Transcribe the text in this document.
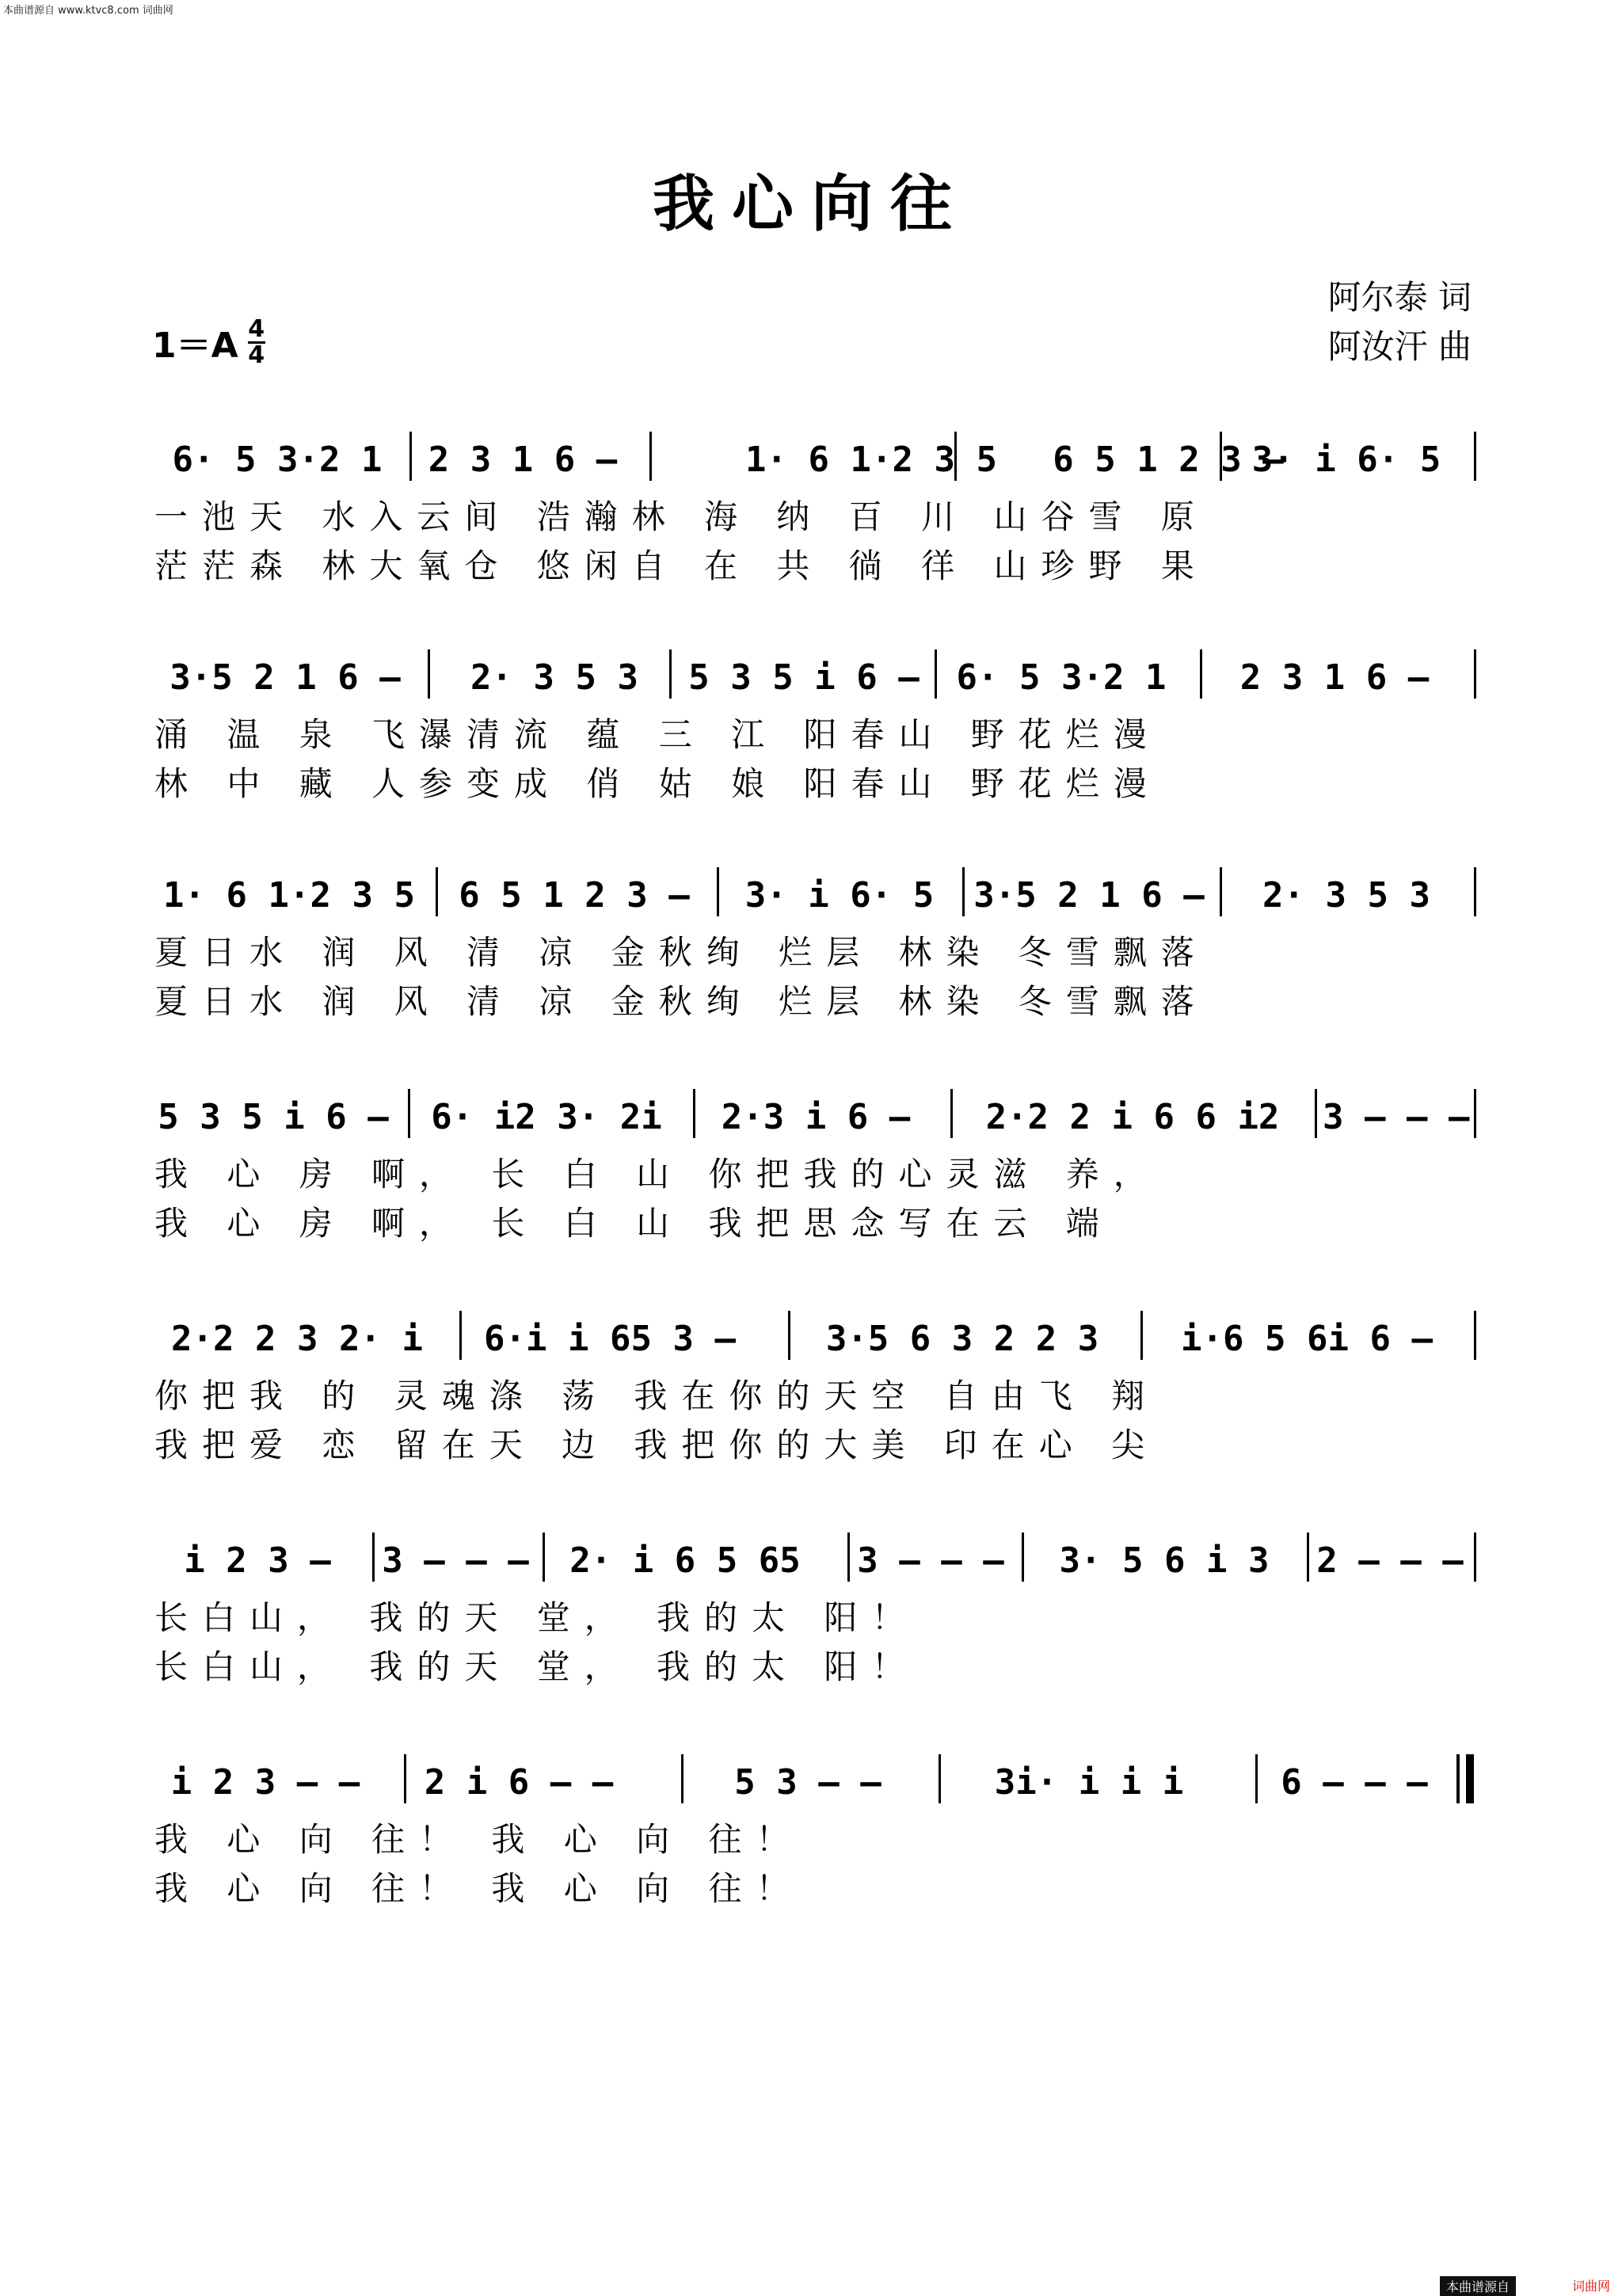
本曲谱源自 www.ktvc8.com 词曲网
我心向往
阿尔泰 词
阿汝汗 曲
1＝A 4
4
6· 5 3·2 1	2 3 1 6 –	1· 6 1·2 3 5	6 5 1 2 3 –
3· i 6· 5
一池天 水入云间 浩瀚林 海 纳 百 川 山谷雪 原
茫茫森 林大氧仓 悠闲自 在 共 徜 徉 山珍野 果
3·5 2 1 6 –	2· 3 5 3	5 3 5 i 6 –	6· 5 3·2 1	2 3 1 6 –
涌 温 泉 飞瀑清流 蕴 三 江 阳春山 野花烂漫
林 中 藏 人参变成 俏 姑 娘 阳春山 野花烂漫
1· 6 1·2 3 5	6 5 1 2 3 –	3· i 6· 5	3·5 2 1 6 –	2· 3 5 3
夏日水 润 风 清 凉 金秋绚 烂层 林染 冬雪飘落
夏日水 润 风 清 凉 金秋绚 烂层 林染 冬雪飘落
5 3 5 i 6 –	6· i2 3· 2i	2·3 i 6 –	2·2 2 i 6 6 i2	3 – – –
我 心 房 啊， 长 白 山 你把我的心灵滋 养，
我 心 房 啊， 长 白 山 我把思念写在云 端
2·2 2 3 2· i	6·i i 65 3 –	3·5 6 3 2 2 3	i·6 5 6i 6 –
你把我 的 灵魂涤 荡 我在你的天空 自由飞 翔
我把爱 恋 留在天 边 我把你的大美 印在心 尖
i 2 3 –	3 – – –	2· i 6 5 65	3 – – –	3· 5 6 i 3	2 – – –
长白山， 我的天 堂， 我的太 阳！
长白山， 我的天 堂， 我的太 阳！
i 2 3 – –	2 i 6 – –	5 3 – –	3i· i i i	6 – – –
我 心 向 往！ 我 心 向 往！
我 心 向 往！ 我 心 向 往！
本曲谱源自	词曲网
